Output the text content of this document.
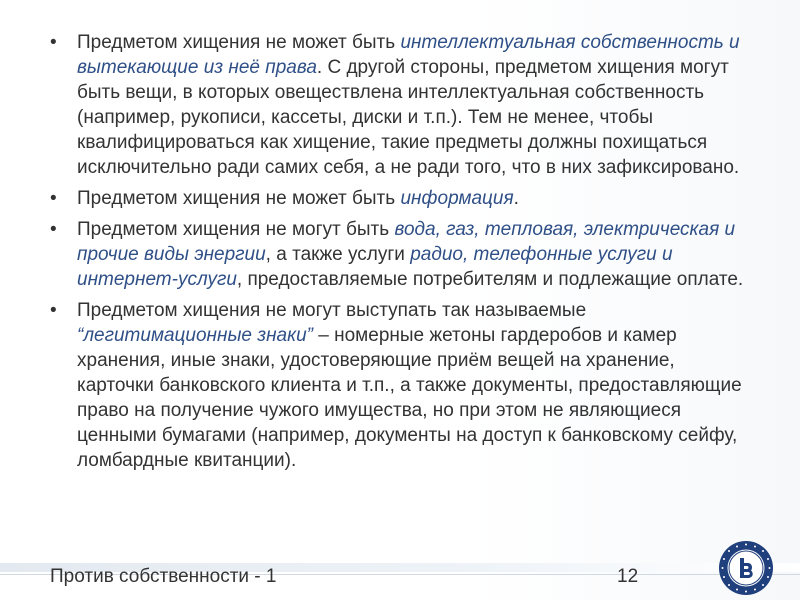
•	Предметом хищения не может быть интеллектуальная собственность и вытекающие из неё права. С другой стороны, предметом хищения могут быть вещи, в которых овеществлена интеллектуальная собственность (например, рукописи, кассеты, диски и т.п.). Тем не менее, чтобы квалифицироваться как хищение, такие предметы должны похищаться исключительно ради самих себя, а не ради того, что в них зафиксировано.
•	Предметом хищения не может быть информация.
•	Предметом хищения не могут быть вода, газ, тепловая, электрическая и прочие виды энергии, а также услуги радио, телефонные услуги и интернет-услуги, предоставляемые потребителям и подлежащие оплате.
•	Предметом хищения не могут выступать так называемые “легитимационные знаки” – номерные жетоны гардеробов и камер хранения, иные знаки, удостоверяющие приём вещей на хранение, карточки банковского клиента и т.п., а также документы, предоставляющие право на получение чужого имущества, но при этом не являющиеся ценными бумагами (например, документы на доступ к банковскому сейфу, ломбардные квитанции).
Против собственности - 1	12
